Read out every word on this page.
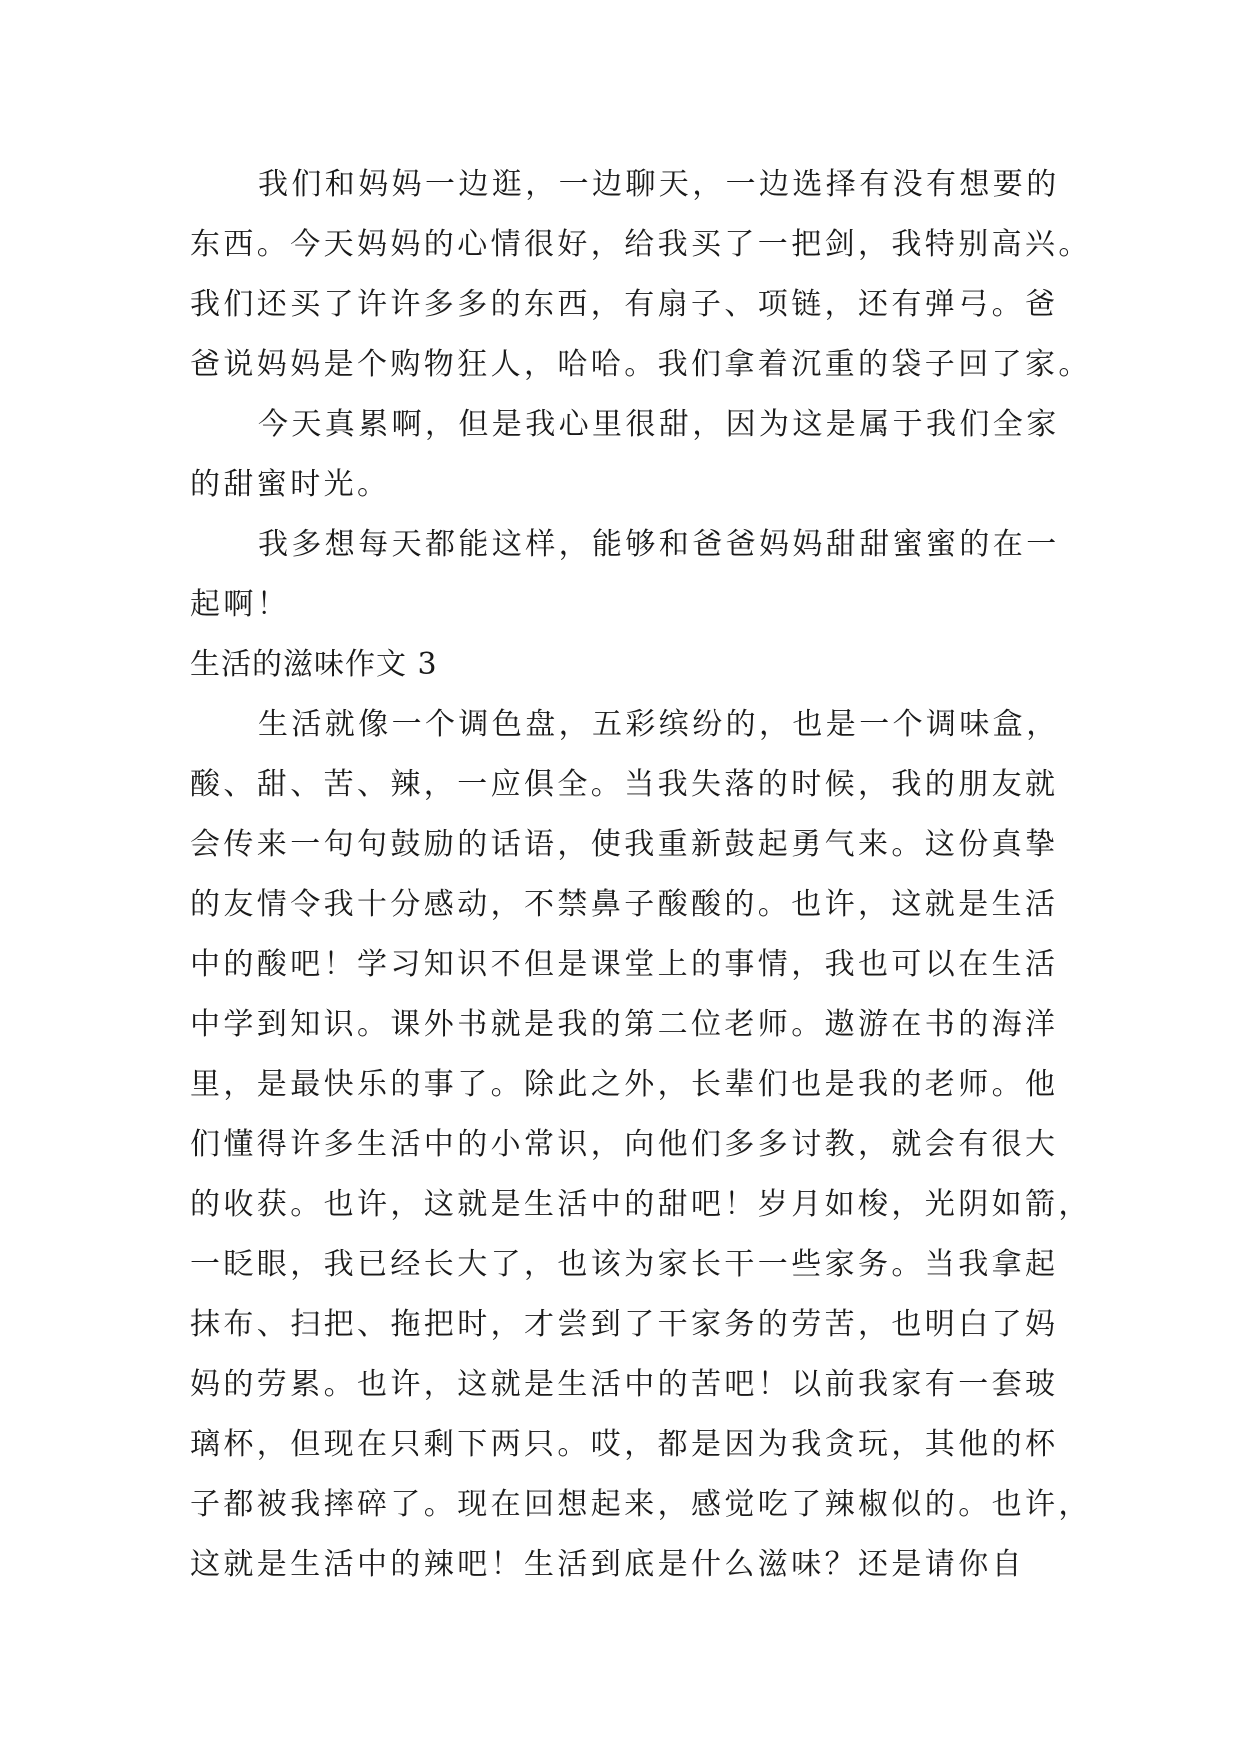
我们和妈妈一边逛，一边聊天，一边选择有没有想要的
东西。今天妈妈的心情很好，给我买了一把剑，我特别高兴。
我们还买了许许多多的东西，有扇子、项链，还有弹弓。爸
爸说妈妈是个购物狂人，哈哈。我们拿着沉重的袋子回了家。
今天真累啊，但是我心里很甜，因为这是属于我们全家
的甜蜜时光。
我多想每天都能这样，能够和爸爸妈妈甜甜蜜蜜的在一
起啊！
生活的滋味作文 3
生活就像一个调色盘，五彩缤纷的，也是一个调味盒，
酸、甜、苦、辣，一应俱全。当我失落的时候，我的朋友就
会传来一句句鼓励的话语，使我重新鼓起勇气来。这份真挚
的友情令我十分感动，不禁鼻子酸酸的。也许，这就是生活
中的酸吧！学习知识不但是课堂上的事情，我也可以在生活
中学到知识。课外书就是我的第二位老师。遨游在书的海洋
里，是最快乐的事了。除此之外，长辈们也是我的老师。他
们懂得许多生活中的小常识，向他们多多讨教，就会有很大
的收获。也许，这就是生活中的甜吧！岁月如梭，光阴如箭，
一眨眼，我已经长大了，也该为家长干一些家务。当我拿起
抹布、扫把、拖把时，才尝到了干家务的劳苦，也明白了妈
妈的劳累。也许，这就是生活中的苦吧！以前我家有一套玻
璃杯，但现在只剩下两只。哎，都是因为我贪玩，其他的杯
子都被我摔碎了。现在回想起来，感觉吃了辣椒似的。也许，
这就是生活中的辣吧！生活到底是什么滋味？还是请你自
